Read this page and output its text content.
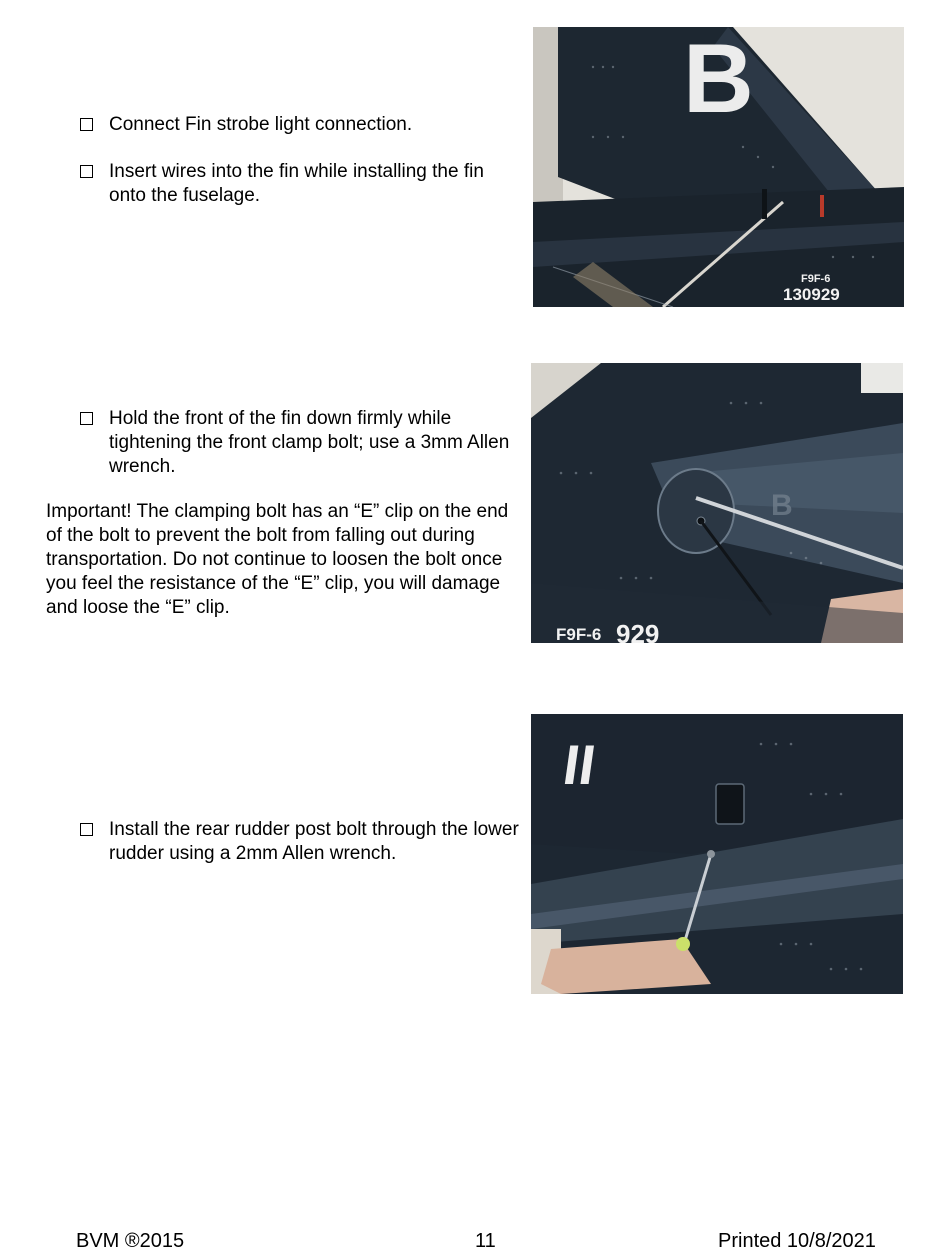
Connect Fin strobe light connection.
Insert wires into the fin while installing the fin onto the fuselage.
Hold the front of the fin down firmly while tightening the front clamp bolt; use a 3mm Allen wrench.
Important! The clamping bolt has an “E” clip on the end of the bolt to prevent the bolt from falling out during transportation. Do not continue to loosen the bolt once you feel the resistance of the “E” clip, you will damage and loose the “E” clip.
Install the rear rudder post bolt through the lower rudder using a 2mm Allen wrench.
B
F9F-6
130929
B
F9F-6 929
II
BVM ®2015	11	Printed 10/8/2021
